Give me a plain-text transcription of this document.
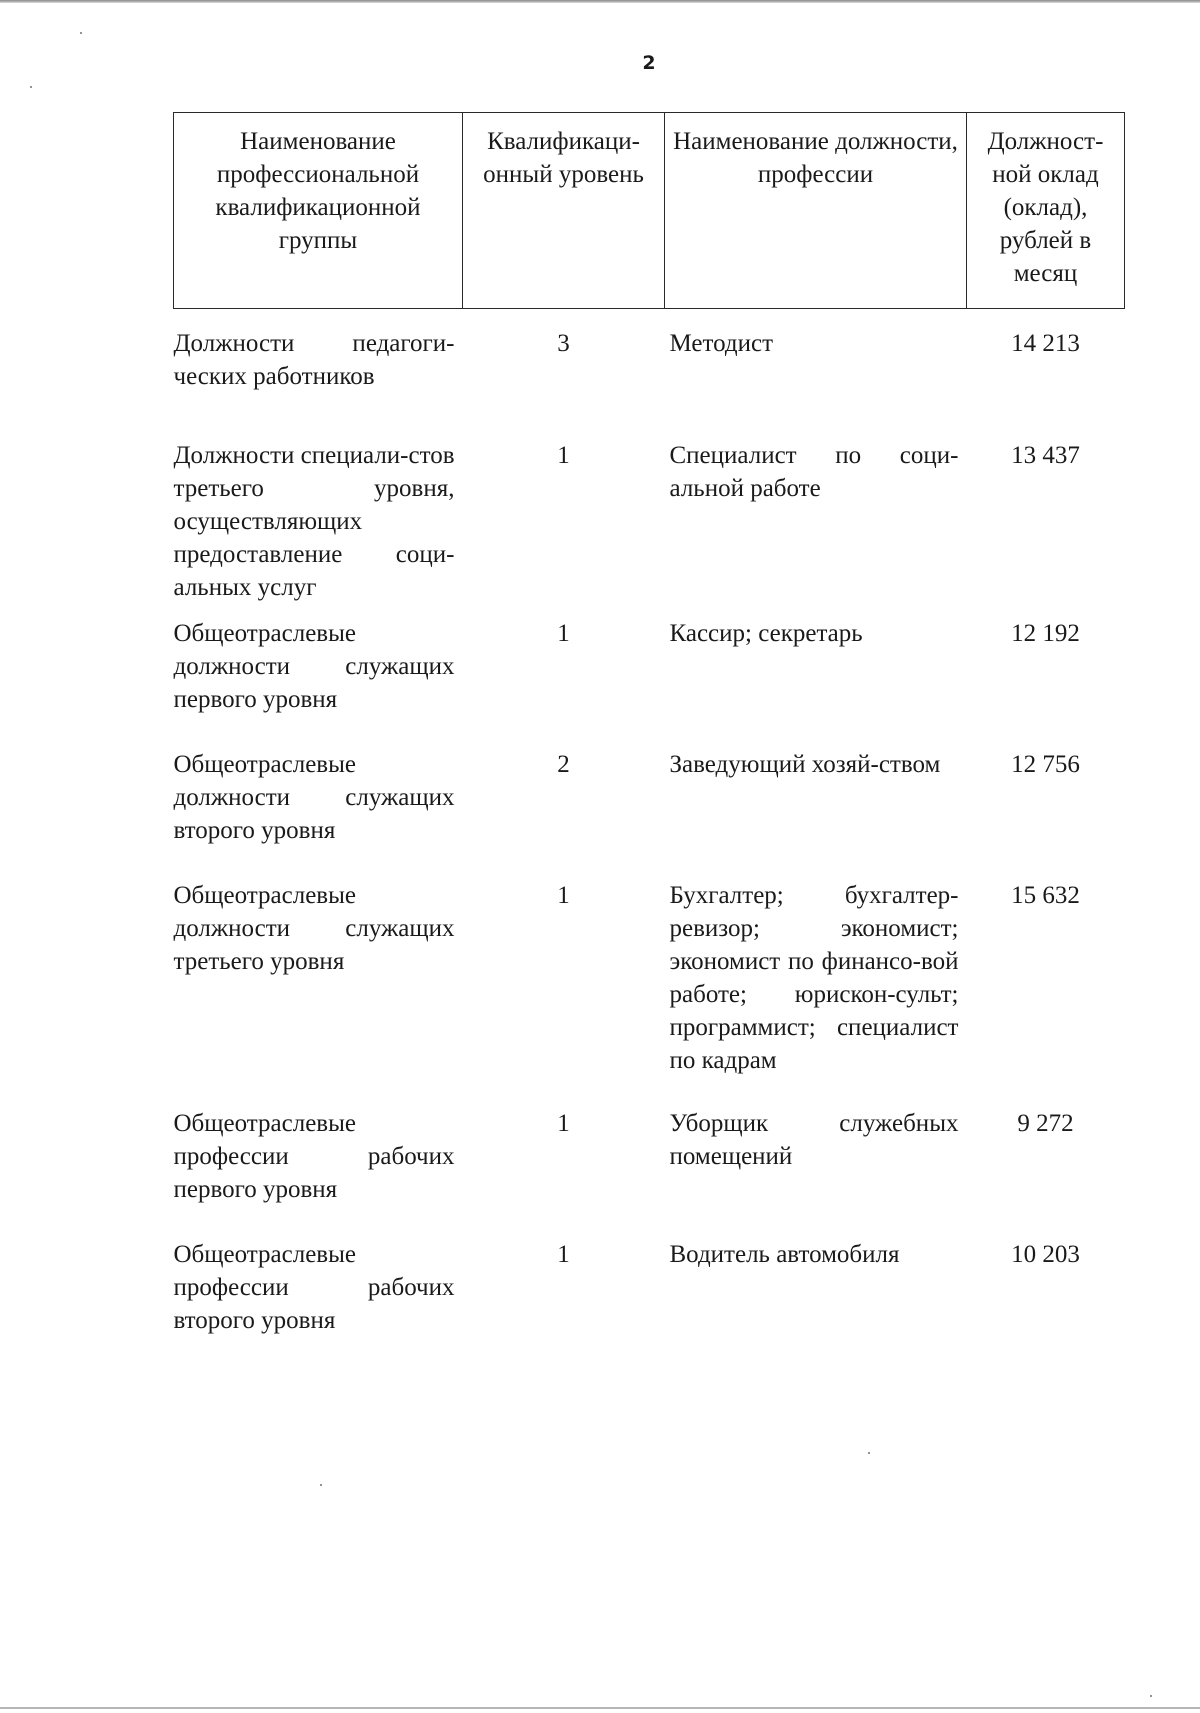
2
Наименование профессиональной квалификационной группы	Квалификаци-онный уровень	Наименование должности, профессии	Должност-ной оклад (оклад), рублей в месяц
Должности педагоги-ческих работников	3	Методист	14 213
Должности специали-стов третьего уровня, осуществляющих предоставление соци-альных услуг	1	Специалист по соци-альной работе	13 437
Общеотраслевые должности служащих первого уровня	1	Кассир; секретарь	12 192
Общеотраслевые должности служащих второго уровня	2	Заведующий хозяй-ством	12 756
Общеотраслевые должности служащих третьего уровня	1	Бухгалтер; бухгалтер-ревизор; экономист; экономист по финансо-вой работе; юрискон-сульт; программист; специалист по кадрам	15 632
Общеотраслевые профессии рабочих первого уровня	1	Уборщик служебных помещений	9 272
Общеотраслевые профессии рабочих второго уровня	1	Водитель автомобиля	10 203
